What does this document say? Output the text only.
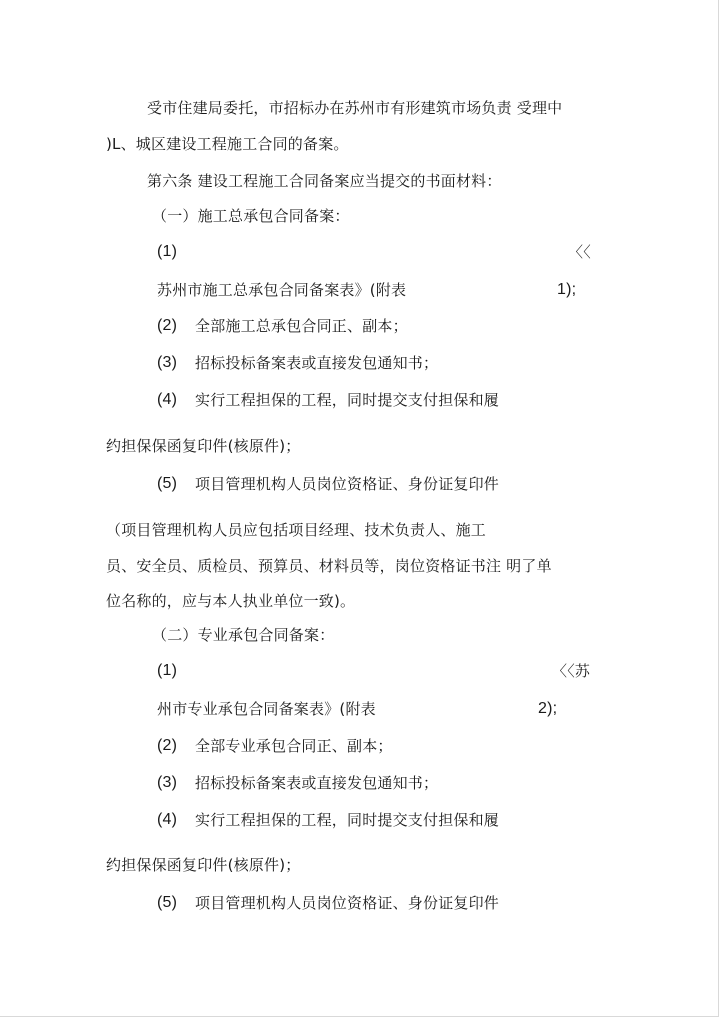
受市住建局委托，市招标办在苏州市有形建筑市场负责 受理中
)L、城区建设工程施工合同的备案。
第六条 建设工程施工合同备案应当提交的书面材料：
（一）施工总承包合同备案：
(1)	〈〈
苏州市施工总承包合同备案表》(附表	1);
(2) 全部施工总承包合同正、副本；
(3) 招标投标备案表或直接发包通知书；
(4) 实行工程担保的工程，同时提交支付担保和履
约担保保函复印件(核原件)；
(5) 项目管理机构人员岗位资格证、身份证复印件
（项目管理机构人员应包括项目经理、技术负责人、施工
员、安全员、质检员、预算员、材料员等，岗位资格证书注 明了单
位名称的，应与本人执业单位一致)。
（二）专业承包合同备案：
(1)	〈〈苏
州市专业承包合同备案表》(附表	2);
(2) 全部专业承包合同正、副本；
(3) 招标投标备案表或直接发包通知书；
(4) 实行工程担保的工程，同时提交支付担保和履
约担保保函复印件(核原件)；
(5) 项目管理机构人员岗位资格证、身份证复印件
